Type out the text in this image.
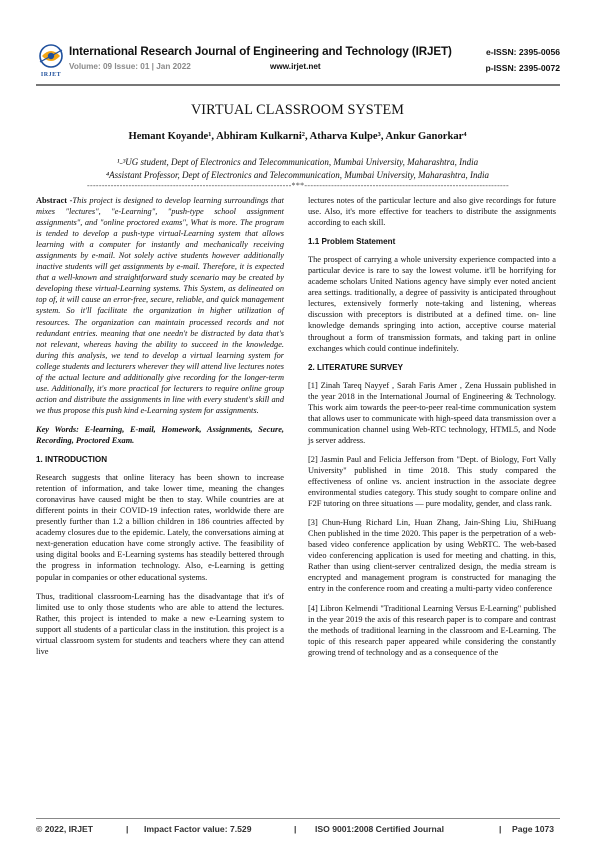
IRJET
International Research Journal of Engineering and Technology (IRJET)
Volume: 09 Issue: 01 | Jan 2022	www.irjet.net
e-ISSN: 2395-0056
p-ISSN: 2395-0072
VIRTUAL CLASSROOM SYSTEM
Hemant Koyande¹, Abhiram Kulkarni², Atharva Kulpe³, Ankur Ganorkar⁴
¹˗³UG student, Dept of Electronics and Telecommunication, Mumbai University, Maharashtra, India
⁴Assistant Professor, Dept of Electronics and Telecommunication, Mumbai University, Maharashtra, India
---------------------------------------------------------------------***---------------------------------------------------------------------

Abstract -This project is designed to develop learning surroundings that mixes "lectures", "e-Learning", "push-type school assignment assignments", and "online proctored exams", What is more. The program is tended to develop a push-type virtual-Learning system that allows learning with a computer for instantly and mechanically receiving assignments by e-mail. Not solely active students however additionally inactive students will get assignments by e-mail. Therefore, it is expected that a well-known and straightforward study scenario may be created by developing these virtual-Learning systems. This System, as delineated on top of, it will cause an error-free, secure, reliable, and quick management system. So it'll facilitate the organization in higher utilization of resources. The organization can maintain processed records and not redundant entries. meaning that one needn't be distracted by data that's not relevant, whereas having the ability to succeed in the knowledge. during this analysis, we tend to develop a virtual learning system for college students and lecturers wherever they will attend live lectures notes of the actual lecture and additionally give recording for the longer-term use. Additionally, it's more practical for lecturers to require online group action and distribute the assignments in line with every student's skill and we thus propose this push kind e-Learning system for assignments.

Key Words: E-learning, E-mail, Homework, Assignments, Secure, Recording, Proctored Exam.

1. INTRODUCTION

Research suggests that online literacy has been shown to increase retention of information, and take lower time, meaning the changes coronavirus have caused might be then to stay. While countries are at different points in their COVID-19 infection rates, worldwide there are presently further than 1.2 a billion children in 186 countries affected by academy closures due to the epidemic. Lately, the conversations aiming at next-generation education have come strongly active. The feasibility of using digital books and E-Learning systems has steadily bettered through the progress in information technology. Also, e-Learning is getting popular in companies or other educational systems.

Thus, traditional classroom-Learning has the disadvantage that it's of limited use to only those students who are able to attend the lectures. Rather, this project is intended to make a new e-Learning system to support all students of a particular class in the institution. this project is a virtual classroom system for students and teachers where they can attend live

lectures notes of the particular lecture and also give recordings for future use. Also, it's more effective for teachers to distribute the assignments according to each skill.

1.1 Problem Statement

The prospect of carrying a whole university experience compacted into a particular device is rare to say the lowest volume. it'll be horrifying for academe scholars United Nations agency have simply ever noted ancient area settings. traditionally, a degree of passivity is anticipated throughout lectures, extensively formerly note-taking and listening, whereas discussion with preceptors is distributed at a defined time. on- line knowledge demands springing into action, acceptive course material throughout a form of transmission formats, and taking part in online exchanges which could continue indefinitely.

2. LITERATURE SURVEY

[1] Zinah Tareq Nayyef , Sarah Faris Amer , Zena Hussain published in the year 2018 in the International Journal of Engineering & Technology. This work aim towards the peer-to-peer real-time communication system that allows user to communicate with high-speed data transmission over a communication channel using Web-RTC technology, HTML5, and Node js server address.

[2] Jasmin Paul and Felicia Jefferson from "Dept. of Biology, Fort Vally University" published in time 2018. This study compared the effectiveness of online vs. ancient instruction in the associate degree environmental studies category. This study sought to compare online and F2F tutoring on three situations — pure modality, gender, and class rank.

[3] Chun-Hung Richard Lin, Huan Zhang, Jain-Shing Liu, ShiHuang Chen published in the time 2020. This paper is the perpetration of a web-based video conference application by using WebRTC. The web-based video conferencing application is used for meeting and chatting. in this, Rather than using client-server centralized design, the media stream is encrypted and management program is constructed for managing the entry in the conference room and creating a multi-party video conference

[4] Libron Kelmendi "Traditional Learning Versus E-Learning" published in the year 2019 the axis of this research paper is to compare and contrast the methods of traditional learning in the classroom and E-Learning. The topic of this research paper appeared while considering the constantly growing trend of technology and as a consequence of the

© 2022, IRJET	| Impact Factor value: 7.529	| ISO 9001:2008 Certified Journal	| Page 1073
